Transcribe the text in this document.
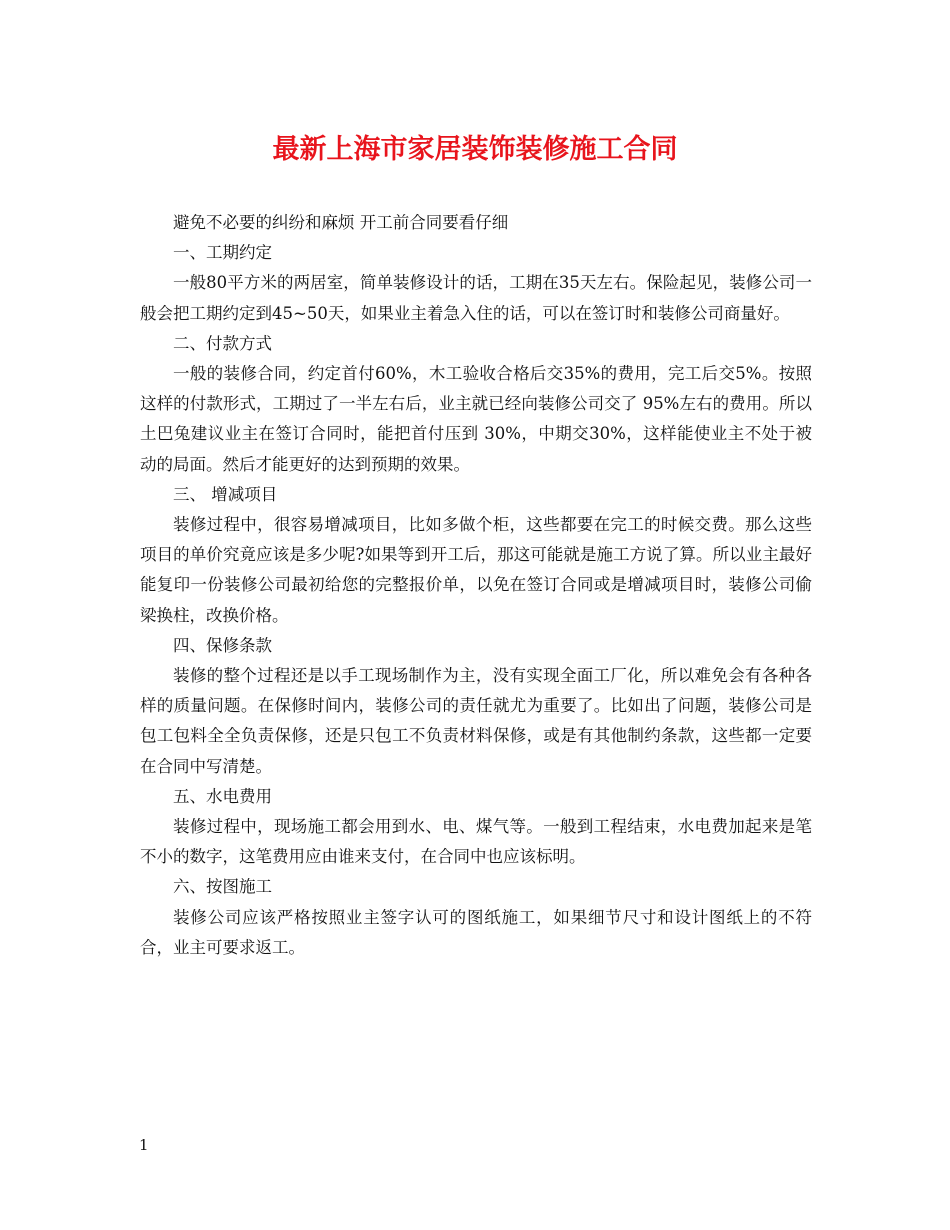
最新上海市家居装饰装修施工合同

避免不必要的纠纷和麻烦 开工前合同要看仔细

一、工期约定

一般80平方米的两居室，简单装修设计的话，工期在35天左右。保险起见，装修公司一般会把工期约定到45~50天，如果业主着急入住的话，可以在签订时和装修公司商量好。

二、付款方式

一般的装修合同，约定首付60%，木工验收合格后交35%的费用，完工后交5%。按照这样的付款形式，工期过了一半左右后，业主就已经向装修公司交了 95%左右的费用。所以土巴兔建议业主在签订合同时，能把首付压到 30%，中期交30%，这样能使业主不处于被动的局面。然后才能更好的达到预期的效果。

三、 增减项目

装修过程中，很容易增减项目，比如多做个柜，这些都要在完工的时候交费。那么这些项目的单价究竟应该是多少呢?如果等到开工后，那这可能就是施工方说了算。所以业主最好能复印一份装修公司最初给您的完整报价单，以免在签订合同或是增减项目时，装修公司偷梁换柱，改换价格。

四、保修条款

装修的整个过程还是以手工现场制作为主，没有实现全面工厂化，所以难免会有各种各样的质量问题。在保修时间内，装修公司的责任就尤为重要了。比如出了问题，装修公司是包工包料全全负责保修，还是只包工不负责材料保修，或是有其他制约条款，这些都一定要在合同中写清楚。

五、水电费用

装修过程中，现场施工都会用到水、电、煤气等。一般到工程结束，水电费加起来是笔不小的数字，这笔费用应由谁来支付，在合同中也应该标明。

六、按图施工

装修公司应该严格按照业主签字认可的图纸施工，如果细节尺寸和设计图纸上的不符合，业主可要求返工。

1
